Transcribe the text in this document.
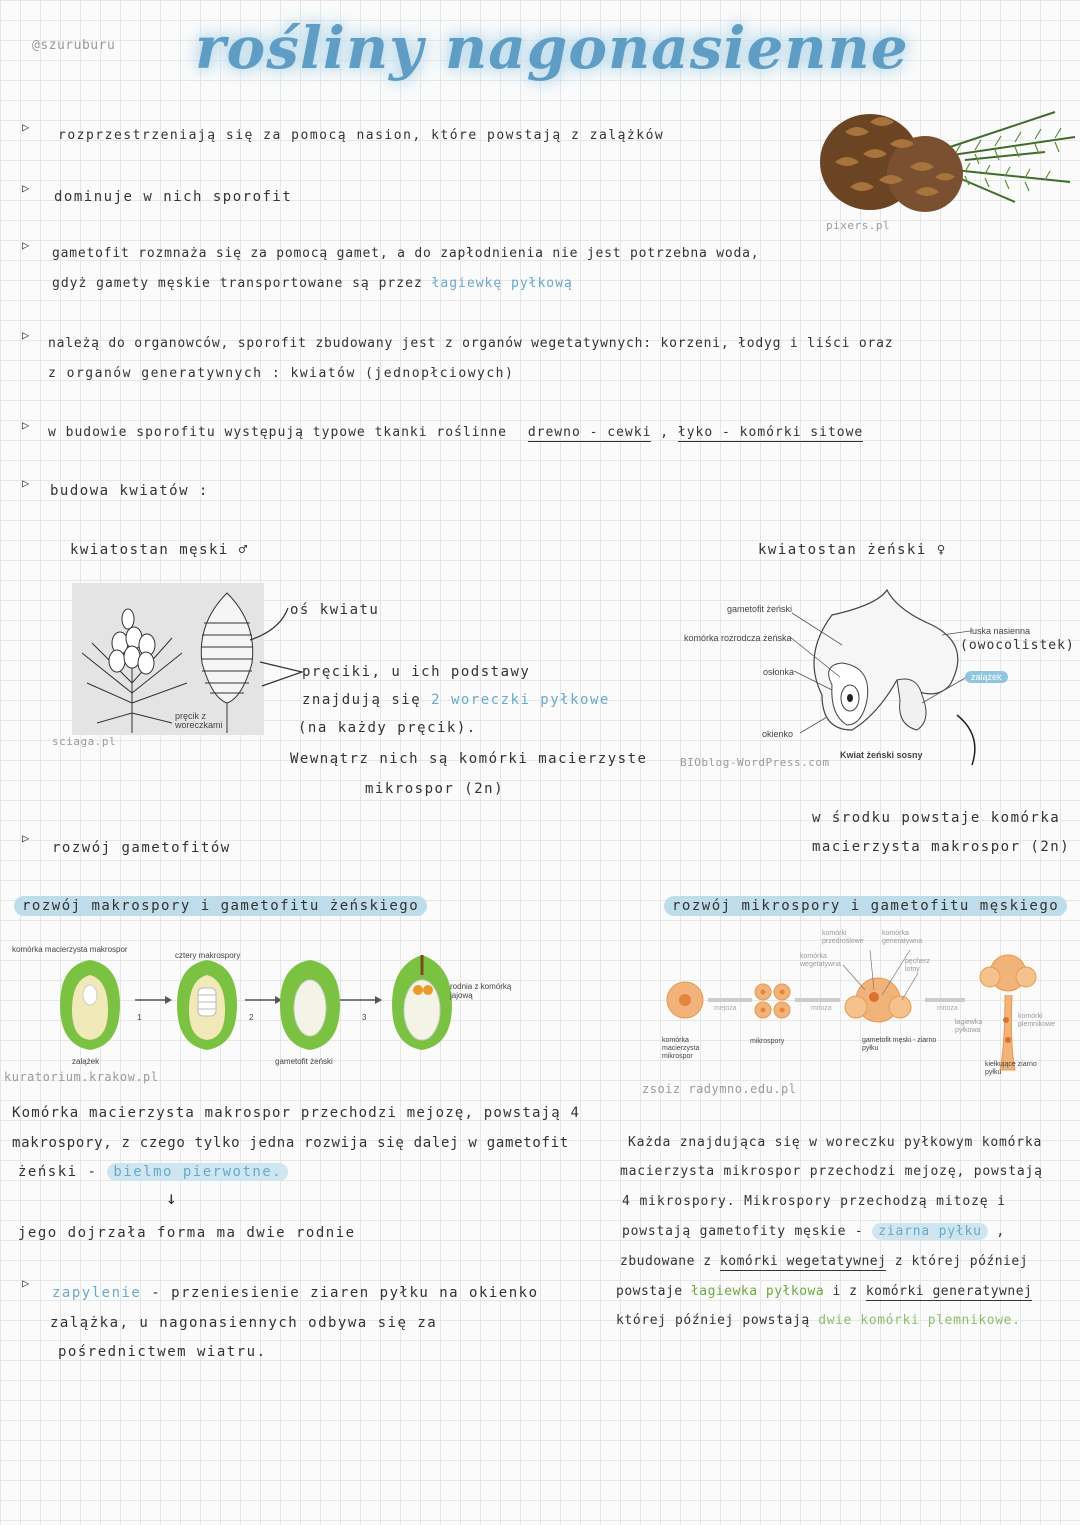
@szuruburu rośliny nagonasienne
pixers.pl
▷
rozprzestrzeniają się za pomocą nasion, które powstają z zalążków
▷
dominuje w nich sporofit
▷
gametofit rozmnaża się za pomocą gamet, a do zapłodnienia nie jest potrzebna woda,
gdyż gamety męskie transportowane są przez łagiewkę pyłkową
▷
należą do organowców, sporofit zbudowany jest z organów wegetatywnych: korzeni, łodyg i liści oraz
z organów generatywnych : kwiatów (jednopłciowych)
▷ w budowie sporofitu występują typowe tkanki roślinne drewno - cewki , łyko - komórki sitowe
▷ budowa kwiatów :
kwiatostan męski ♂	kwiatostan żeński ♀
pręcik z woreczkami
sciaga.pl
oś kwiatu
pręciki, u ich podstawy
znajdują się 2 woreczki pyłkowe
(na każdy pręcik).
Wewnątrz nich są komórki macierzyste
mikrospor (2n)
gametofit żeński
komórka rozrodcza żeńska
osłonka
okienko
łuska nasienna
(owocolistek)
zalążek
Kwiat żeński sosny
BIOblog-WordPress.com
w środku powstaje komórka
macierzysta makrospor (2n)
▷
rozwój gametofitów
rozwój makrospory i gametofitu żeńskiego	rozwój mikrospory i gametofitu męskiego
komórka macierzysta makrospor
cztery makrospory
rodnia z komórką jajową
zalążek	gametofit żeński
1	2	3
kuratorium.krakow.pl
mejoza	mitoza	mitoza
komórka macierzysta mikrospor
mikrospory
komórka wegetatywna
komórki przedroślowe
komórka generatywna
pęcherz lotny
gametofit męski - ziarno pyłku
łagiewka pyłkowa
komórki plemnikowe
kiełkujące ziarno pyłku
zsoiz radymno.edu.pl
Komórka macierzysta makrospor przechodzi mejozę, powstają 4
makrospory, z czego tylko jedna rozwija się dalej w gametofit
żeński - bielmo pierwotne.
↓
jego dojrzała forma ma dwie rodnie
Każda znajdująca się w woreczku pyłkowym komórka
macierzysta mikrospor przechodzi mejozę, powstają
4 mikrospory. Mikrospory przechodzą mitozę i
powstają gametofity męskie - ziarna pyłku ,
zbudowane z komórki wegetatywnej z której później
powstaje łagiewka pyłkowa i z komórki generatywnej
której później powstają dwie komórki plemnikowe.
▷
zapylenie - przeniesienie ziaren pyłku na okienko
zalążka, u nagonasiennych odbywa się za
pośrednictwem wiatru.
